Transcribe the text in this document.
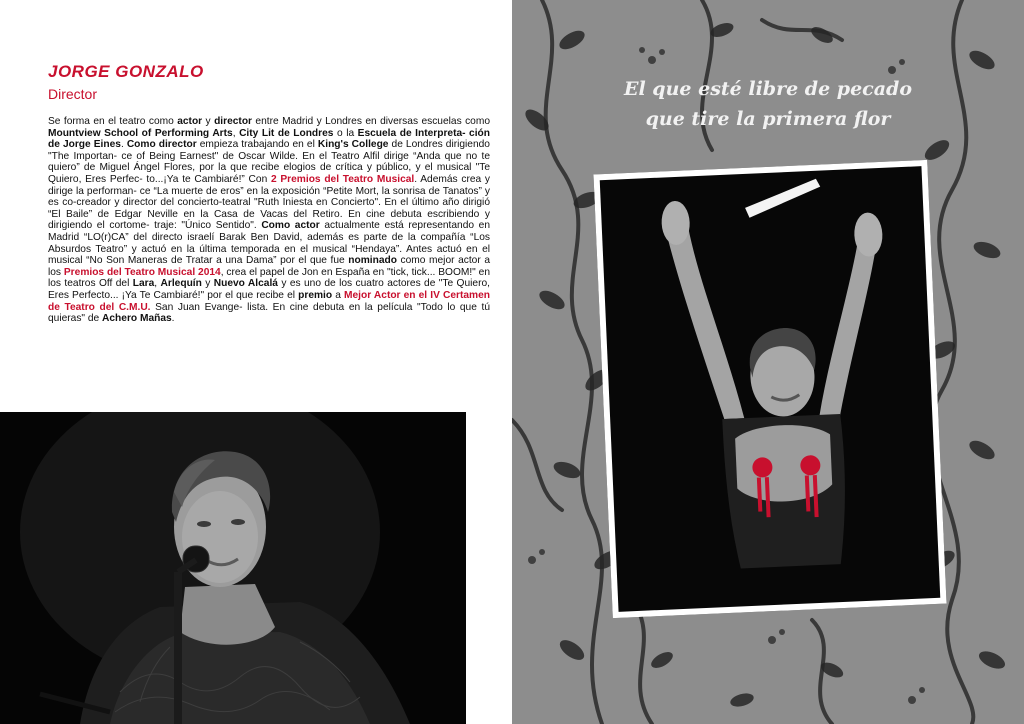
JORGE GONZALO
Director

Se forma en el teatro como actor y director entre Madrid y Londres en diversas escuelas como Mountview School of Performing Arts, City Lit de Londres o la Escuela de Interpreta- ción de Jorge Eines. Como director empieza trabajando en el King's College de Londres dirigiendo "The Importan- ce of Being Earnest" de Oscar Wilde. En el Teatro Alfil dirige “Anda que no te quiero” de Miguel Ángel Flores, por la que recibe elogios de crítica y público, y el musical "Te Quiero, Eres Perfec- to...¡Ya te Cambiaré!” Con 2 Premios del Teatro Musical. Además crea y dirige la performan- ce “La muerte de eros” en la exposición “Petite Mort, la sonrisa de Tanatos” y es co-creador y director del concierto-teatral "Ruth Iniesta en Concierto". En el último año dirigió “El Baile” de Edgar Neville en la Casa de Vacas del Retiro. En cine debuta escribiendo y dirigiendo el cortome- traje: "Único Sentido". Como actor actualmente está representando en Madrid “LO(r)CA” del directo israelí Barak Ben David, además es parte de la compañía “Los Absurdos Teatro” y actuó en la última temporada en el musical “Hendaya”. Antes actuó en el musical “No Son Maneras de Tratar a una Dama” por el que fue nominado como mejor actor a los Premios del Teatro Musical 2014, crea el papel de Jon en España en "tick, tick... BOOM!" en los teatros Off del Lara, Arlequín y Nuevo Alcalá y es uno de los cuatro actores de "Te Quiero, Eres Perfecto... ¡Ya Te Cambiaré!" por el que recibe el premio a Mejor Actor en el IV Certamen de Teatro del C.M.U. San Juan Evange- lista. En cine debuta en la película "Todo lo que tú quieras" de Achero Mañas.

El que esté libre de pecado
que tire la primera flor
